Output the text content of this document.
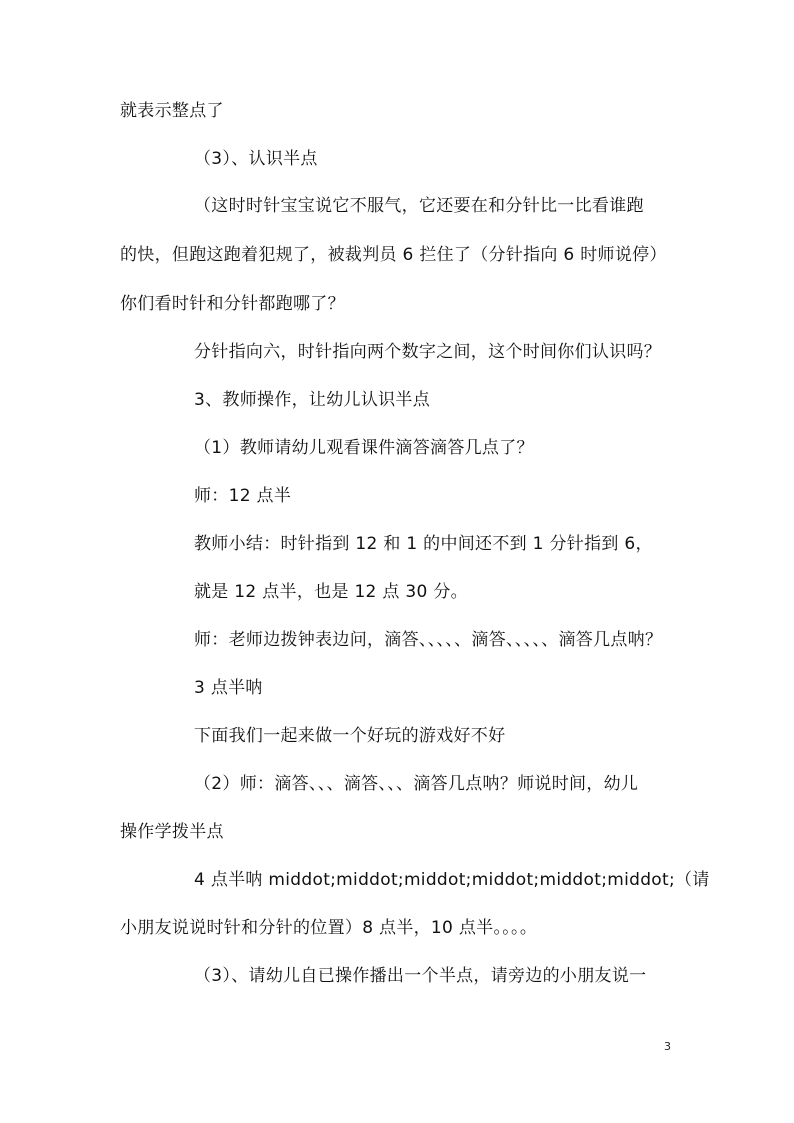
就表示整点了
（3）、认识半点
（这时时针宝宝说它不服气，它还要在和分针比一比看谁跑
的快，但跑这跑着犯规了，被裁判员 6 拦住了（分针指向 6 时师说停）
你们看时针和分针都跑哪了？
分针指向六，时针指向两个数字之间，这个时间你们认识吗？
3、教师操作，让幼儿认识半点
（1）教师请幼儿观看课件滴答滴答几点了？
师：12 点半
教师小结：时针指到 12 和 1 的中间还不到 1 分针指到 6，
就是 12 点半，也是 12 点 30 分。
师：老师边拨钟表边问，滴答、、、、、滴答、、、、、滴答几点呐？
3 点半呐
下面我们一起来做一个好玩的游戏好不好
（2）师：滴答、、、滴答、、、滴答几点呐？师说时间，幼儿
操作学拨半点
4 点半呐 middot;middot;middot;middot;middot;middot;（请
小朋友说说时针和分针的位置）8 点半，10 点半。。。。
（3）、请幼儿自已操作播出一个半点，请旁边的小朋友说一
3
